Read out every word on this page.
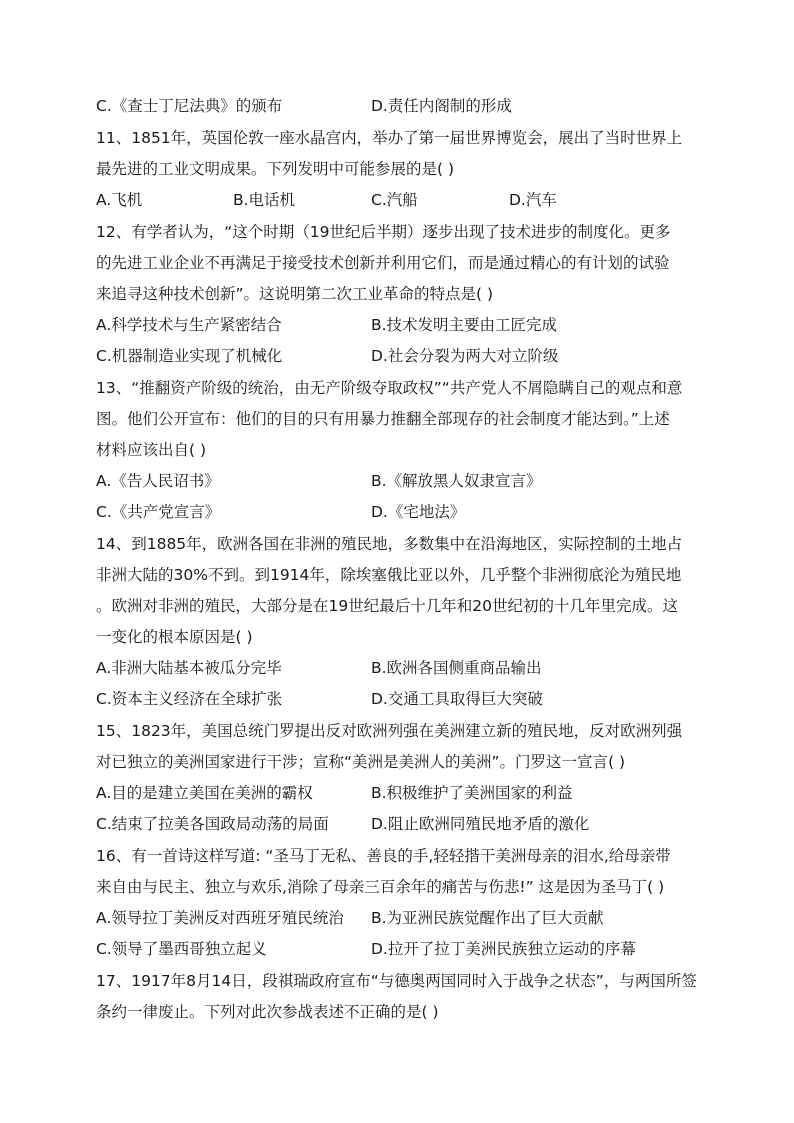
C.《查士丁尼法典》的颁布	D.责任内阁制的形成
11、1851年，英国伦敦一座水晶宫内，举办了第一届世界博览会，展出了当时世界上
最先进的工业文明成果。下列发明中可能参展的是( )
A.飞机	B.电话机	C.汽船	D.汽车
12、有学者认为，“这个时期（19世纪后半期）逐步出现了技术进步的制度化。更多
的先进工业企业不再满足于接受技术创新并利用它们，而是通过精心的有计划的试验
来追寻这种技术创新”。这说明第二次工业革命的特点是( )
A.科学技术与生产紧密结合	B.技术发明主要由工匠完成
C.机器制造业实现了机械化	D.社会分裂为两大对立阶级
13、“推翻资产阶级的统治，由无产阶级夺取政权”“共产党人不屑隐瞒自己的观点和意
图。他们公开宣布：他们的目的只有用暴力推翻全部现存的社会制度才能达到。”上述
材料应该出自( )
A.《告人民诏书》	B.《解放黑人奴隶宣言》
C.《共产党宣言》	D.《宅地法》
14、到1885年，欧洲各国在非洲的殖民地，多数集中在沿海地区，实际控制的土地占
非洲大陆的30%不到。到1914年，除埃塞俄比亚以外，几乎整个非洲彻底沦为殖民地
。欧洲对非洲的殖民，大部分是在19世纪最后十几年和20世纪初的十几年里完成。这
一变化的根本原因是( )
A.非洲大陆基本被瓜分完毕	B.欧洲各国侧重商品输出
C.资本主义经济在全球扩张	D.交通工具取得巨大突破
15、1823年，美国总统门罗提出反对欧洲列强在美洲建立新的殖民地，反对欧洲列强
对已独立的美洲国家进行干涉；宣称“美洲是美洲人的美洲”。门罗这一宣言( )
A.目的是建立美国在美洲的霸权	B.积极维护了美洲国家的利益
C.结束了拉美各国政局动荡的局面	D.阻止欧洲同殖民地矛盾的激化
16、有一首诗这样写道: “圣马丁无私、善良的手,轻轻揩干美洲母亲的泪水,给母亲带
来自由与民主、独立与欢乐,消除了母亲三百余年的痛苦与伤悲!” 这是因为圣马丁( )
A.领导拉丁美洲反对西班牙殖民统治 B.为亚洲民族觉醒作出了巨大贡献
C.领导了墨西哥独立起义	D.拉开了拉丁美洲民族独立运动的序幕
17、1917年8月14日，段祺瑞政府宣布“与德奥两国同时入于战争之状态”，与两国所签
条约一律废止。下列对此次参战表述不正确的是( )
